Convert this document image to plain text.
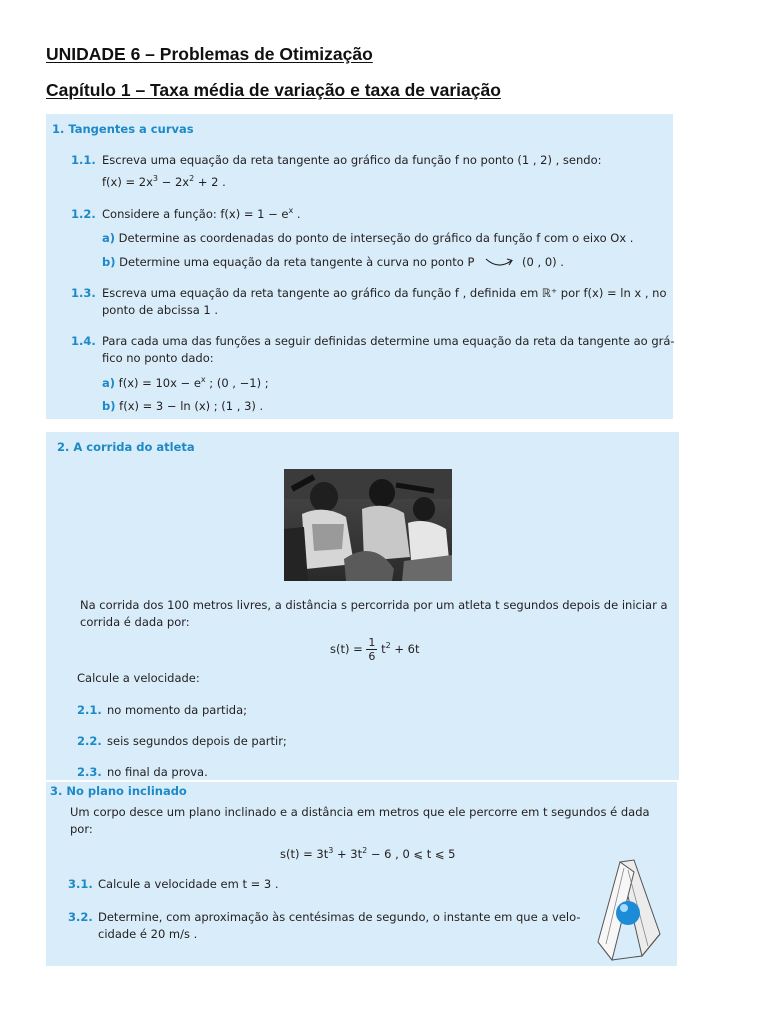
UNIDADE 6 – Problemas de Otimização
Capítulo 1 – Taxa média de variação e taxa de variação
1. Tangentes a curvas
1.1. Escreva uma equação da reta tangente ao gráfico da função f no ponto (1 , 2) , sendo:
$f(x) = 2x^3 - 2x^2 + 2$ .
1.2. Considere a função: $f(x) = 1 - e^x$ .
a) Determine as coordenadas do ponto de interseção do gráfico da função f com o eixo Ox .
b) Determine uma equação da reta tangente à curva no ponto P	(0 , 0) .
1.3. Escreva uma equação da reta tangente ao gráfico da função f , definida em ℝ⁺ por f(x) = ln x , no
ponto de abcissa 1 .
1.4. Para cada uma das funções a seguir definidas determine uma equação da reta da tangente ao grá-
fico no ponto dado:
a) $f(x) = 10x - e^x$ ; (0 , −1) ;
b) f(x) = 3 − ln (x) ; (1 , 3) .
2. A corrida do atleta
Na corrida dos 100 metros livres, a distância s percorrida por um atleta t segundos depois de iniciar a
corrida é dada por:
$s(t) = \frac{1}{6} t^2 + 6t$
Calcule a velocidade:
2.1. no momento da partida;
2.2. seis segundos depois de partir;
2.3. no final da prova.
3. No plano inclinado
Um corpo desce um plano inclinado e a distância em metros que ele percorre em t segundos é dada
por:
$s(t) = 3t^3 + 3t^2 - 6$ , 0 ⩽ t ⩽ 5
3.1. Calcule a velocidade em t = 3 .
3.2. Determine, com aproximação às centésimas de segundo, o instante em que a velo-
cidade é 20 m/s .
